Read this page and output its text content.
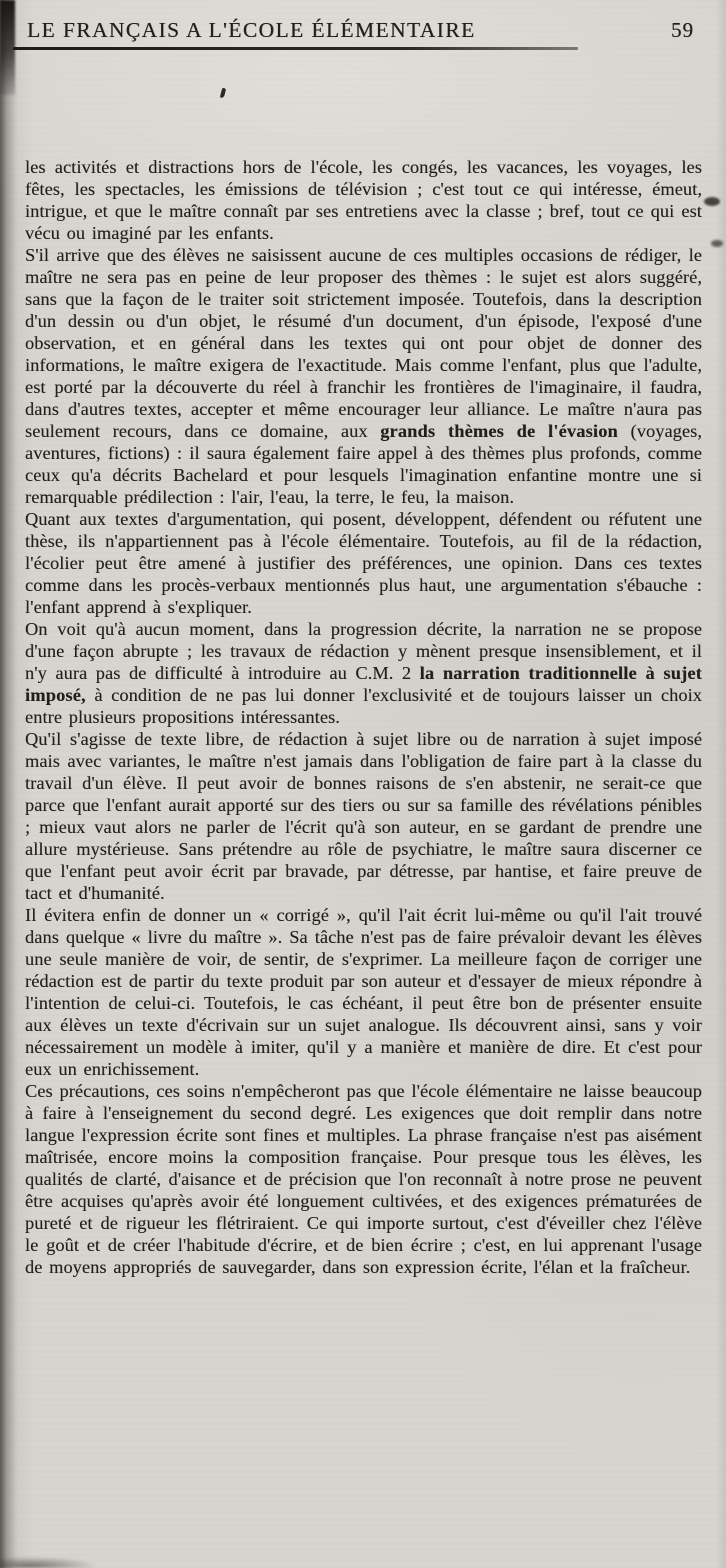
LE FRANÇAIS A L'ÉCOLE ÉLÉMENTAIRE	59

les activités et distractions hors de l'école, les congés, les vacances, les voyages, les fêtes, les spectacles, les émissions de télévision ; c'est tout ce qui intéresse, émeut, intrigue, et que le maître connaît par ses entretiens avec la classe ; bref, tout ce qui est vécu ou imaginé par les enfants.

S'il arrive que des élèves ne saisissent aucune de ces multiples occasions de rédiger, le maître ne sera pas en peine de leur proposer des thèmes : le sujet est alors suggéré, sans que la façon de le traiter soit strictement imposée. Toutefois, dans la description d'un dessin ou d'un objet, le résumé d'un document, d'un épisode, l'exposé d'une observation, et en général dans les textes qui ont pour objet de donner des informations, le maître exigera de l'exactitude. Mais comme l'enfant, plus que l'adulte, est porté par la découverte du réel à franchir les frontières de l'imaginaire, il faudra, dans d'autres textes, accepter et même encourager leur alliance. Le maître n'aura pas seulement recours, dans ce domaine, aux grands thèmes de l'évasion (voyages, aventures, fictions) : il saura également faire appel à des thèmes plus profonds, comme ceux qu'a décrits Bachelard et pour lesquels l'imagination enfantine montre une si remarquable prédilection : l'air, l'eau, la terre, le feu, la maison.

Quant aux textes d'argumentation, qui posent, développent, défendent ou réfutent une thèse, ils n'appartiennent pas à l'école élémentaire. Toutefois, au fil de la rédaction, l'écolier peut être amené à justifier des préférences, une opinion. Dans ces textes comme dans les procès-verbaux mentionnés plus haut, une argumentation s'ébauche : l'enfant apprend à s'expliquer.

On voit qu'à aucun moment, dans la progression décrite, la narration ne se propose d'une façon abrupte ; les travaux de rédaction y mènent presque insensiblement, et il n'y aura pas de difficulté à introduire au C.M. 2 la narration traditionnelle à sujet imposé, à condition de ne pas lui donner l'exclusivité et de toujours laisser un choix entre plusieurs propositions intéressantes.

Qu'il s'agisse de texte libre, de rédaction à sujet libre ou de narration à sujet imposé mais avec variantes, le maître n'est jamais dans l'obligation de faire part à la classe du travail d'un élève. Il peut avoir de bonnes raisons de s'en abstenir, ne serait-ce que parce que l'enfant aurait apporté sur des tiers ou sur sa famille des révélations pénibles ; mieux vaut alors ne parler de l'écrit qu'à son auteur, en se gardant de prendre une allure mystérieuse. Sans prétendre au rôle de psychiatre, le maître saura discerner ce que l'enfant peut avoir écrit par bravade, par détresse, par hantise, et faire preuve de tact et d'humanité.

Il évitera enfin de donner un « corrigé », qu'il l'ait écrit lui-même ou qu'il l'ait trouvé dans quelque « livre du maître ». Sa tâche n'est pas de faire prévaloir devant les élèves une seule manière de voir, de sentir, de s'exprimer. La meilleure façon de corriger une rédaction est de partir du texte produit par son auteur et d'essayer de mieux répondre à l'intention de celui-ci. Toutefois, le cas échéant, il peut être bon de présenter ensuite aux élèves un texte d'écrivain sur un sujet analogue. Ils découvrent ainsi, sans y voir nécessairement un modèle à imiter, qu'il y a manière et manière de dire. Et c'est pour eux un enrichissement.

Ces précautions, ces soins n'empêcheront pas que l'école élémentaire ne laisse beaucoup à faire à l'enseignement du second degré. Les exigences que doit remplir dans notre langue l'expression écrite sont fines et multiples. La phrase française n'est pas aisément maîtrisée, encore moins la composition française. Pour presque tous les élèves, les qualités de clarté, d'aisance et de précision que l'on reconnaît à notre prose ne peuvent être acquises qu'après avoir été longuement cultivées, et des exigences prématurées de pureté et de rigueur les flétriraient. Ce qui importe surtout, c'est d'éveiller chez l'élève le goût et de créer l'habitude d'écrire, et de bien écrire ; c'est, en lui apprenant l'usage de moyens appropriés de sauvegarder, dans son expression écrite, l'élan et la fraîcheur.
